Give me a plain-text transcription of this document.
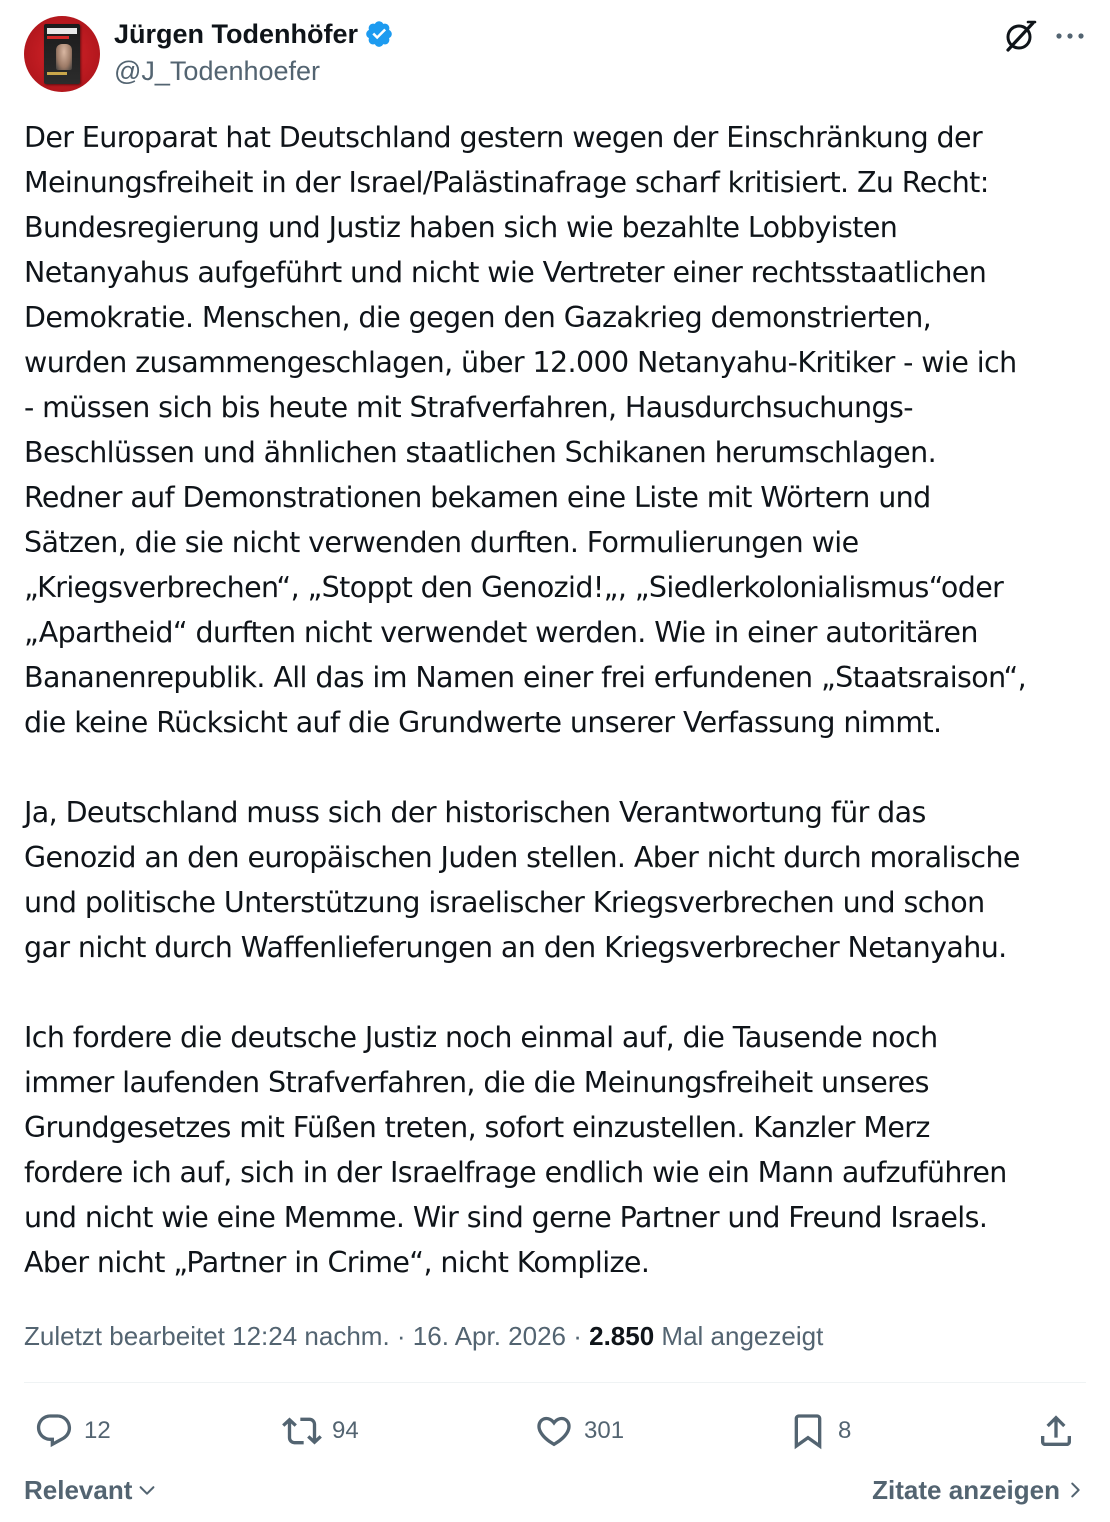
Jürgen Todenhöfer
@J_Todenhoefer

Der Europarat hat Deutschland gestern wegen der Einschränkung der

Meinungsfreiheit in der Israel/Palästinafrage scharf kritisiert. Zu Recht:

Bundesregierung und Justiz haben sich wie bezahlte Lobbyisten

Netanyahus aufgeführt und nicht wie Vertreter einer rechtsstaatlichen

Demokratie. Menschen, die gegen den Gazakrieg demonstrierten,

wurden zusammengeschlagen, über 12.000 Netanyahu-Kritiker - wie ich

- müssen sich bis heute mit Strafverfahren, Hausdurchsuchungs-

Beschlüssen und ähnlichen staatlichen Schikanen herumschlagen.

Redner auf Demonstrationen bekamen eine Liste mit Wörtern und

Sätzen, die sie nicht verwenden durften. Formulierungen wie

„Kriegsverbrechen“, „Stoppt den Genozid!„, „Siedlerkolonialismus“oder

„Apartheid“ durften nicht verwendet werden. Wie in einer autoritären

Bananenrepublik. All das im Namen einer frei erfundenen „Staatsraison“,

die keine Rücksicht auf die Grundwerte unserer Verfassung nimmt.

Ja, Deutschland muss sich der historischen Verantwortung für das

Genozid an den europäischen Juden stellen. Aber nicht durch moralische

und politische Unterstützung israelischer Kriegsverbrechen und schon

gar nicht durch Waffenlieferungen an den Kriegsverbrecher Netanyahu.

Ich fordere die deutsche Justiz noch einmal auf, die Tausende noch

immer laufenden Strafverfahren, die die Meinungsfreiheit unseres

Grundgesetzes mit Füßen treten, sofort einzustellen. Kanzler Merz

fordere ich auf, sich in der Israelfrage endlich wie ein Mann aufzuführen

und nicht wie eine Memme. Wir sind gerne Partner und Freund Israels.

Aber nicht „Partner in Crime“, nicht Komplize.

Zuletzt bearbeitet 12:24 nachm. · 16. Apr. 2026 · 2.850 Mal angezeigt
12	94	301	8
Relevant	Zitate anzeigen
